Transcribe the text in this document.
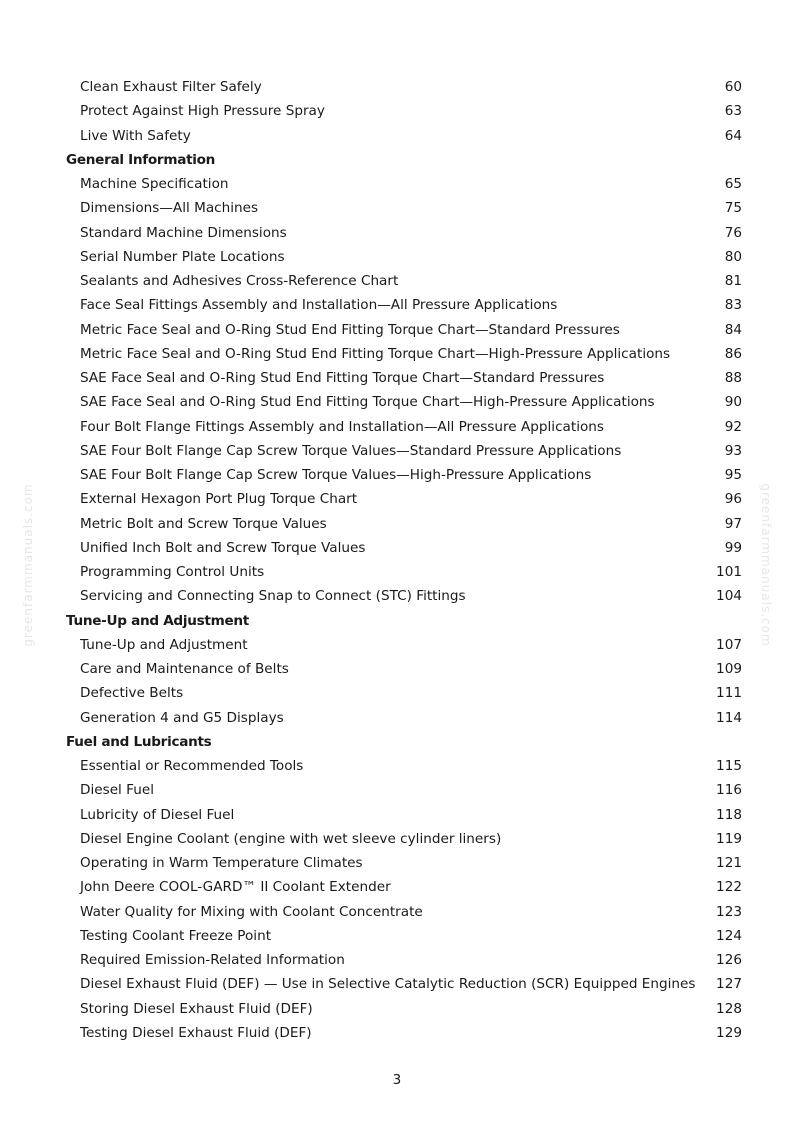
Clean Exhaust Filter Safely	60
Protect Against High Pressure Spray	63
Live With Safety	64
General Information
Machine Specification	65
Dimensions—All Machines	75
Standard Machine Dimensions	76
Serial Number Plate Locations	80
Sealants and Adhesives Cross-Reference Chart	81
Face Seal Fittings Assembly and Installation—All Pressure Applications	83
Metric Face Seal and O-Ring Stud End Fitting Torque Chart—Standard Pressures	84
Metric Face Seal and O-Ring Stud End Fitting Torque Chart—High-Pressure Applications	86
SAE Face Seal and O-Ring Stud End Fitting Torque Chart—Standard Pressures	88
SAE Face Seal and O-Ring Stud End Fitting Torque Chart—High-Pressure Applications	90
Four Bolt Flange Fittings Assembly and Installation—All Pressure Applications	92
SAE Four Bolt Flange Cap Screw Torque Values—Standard Pressure Applications	93
SAE Four Bolt Flange Cap Screw Torque Values—High-Pressure Applications	95
External Hexagon Port Plug Torque Chart	96
Metric Bolt and Screw Torque Values	97
Unified Inch Bolt and Screw Torque Values	99
Programming Control Units	101
Servicing and Connecting Snap to Connect (STC) Fittings	104
Tune-Up and Adjustment
Tune-Up and Adjustment	107
Care and Maintenance of Belts	109
Defective Belts	111
Generation 4 and G5 Displays	114
Fuel and Lubricants
Essential or Recommended Tools	115
Diesel Fuel	116
Lubricity of Diesel Fuel	118
Diesel Engine Coolant (engine with wet sleeve cylinder liners)	119
Operating in Warm Temperature Climates	121
John Deere COOL-GARD™ II Coolant Extender	122
Water Quality for Mixing with Coolant Concentrate	123
Testing Coolant Freeze Point	124
Required Emission-Related Information	126
Diesel Exhaust Fluid (DEF) — Use in Selective Catalytic Reduction (SCR) Equipped Engines 127
Storing Diesel Exhaust Fluid (DEF)	128
Testing Diesel Exhaust Fluid (DEF)	129
3
greenfarmmanuals.com	greenfarmmanuals.com
